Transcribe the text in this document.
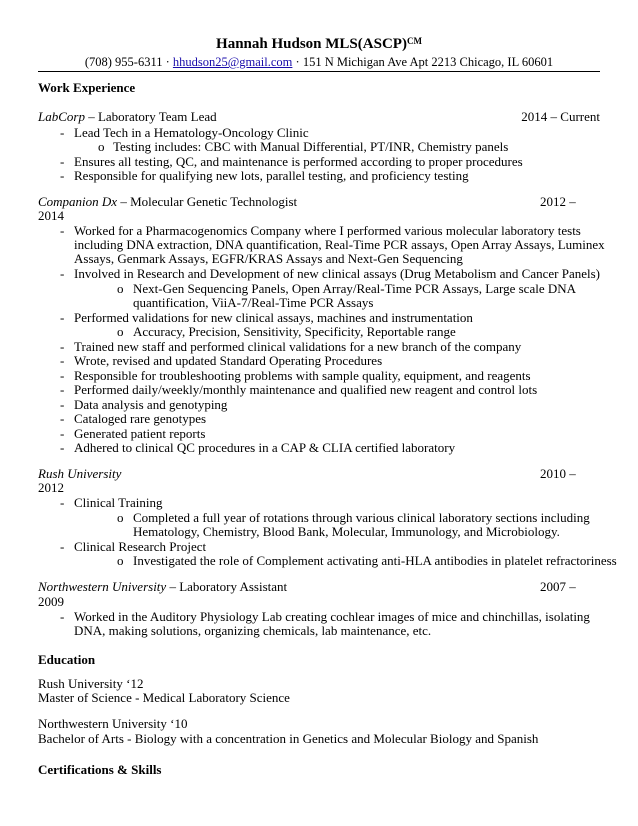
Hannah Hudson MLS(ASCP)$^{CM}$
(708) 955-6311 · hhudson25@gmail.com · 151 N Michigan Ave Apt 2213 Chicago, IL 60601
Work Experience
LabCorp – Laboratory Team Lead	2014 – Current
- Lead Tech in a Hematology-Oncology Clinic
o Testing includes: CBC with Manual Differential, PT/INR, Chemistry panels
- Ensures all testing, QC, and maintenance is performed according to proper procedures
- Responsible for qualifying new lots, parallel testing, and proficiency testing
Companion Dx – Molecular Genetic Technologist	2012 –
2014
- Worked for a Pharmacogenomics Company where I performed various molecular laboratory tests
including DNA extraction, DNA quantification, Real-Time PCR assays, Open Array Assays, Luminex
Assays, Genmark Assays, EGFR/KRAS Assays and Next-Gen Sequencing
- Involved in Research and Development of new clinical assays (Drug Metabolism and Cancer Panels)
o Next-Gen Sequencing Panels, Open Array/Real-Time PCR Assays, Large scale DNA
quantification, ViiA-7/Real-Time PCR Assays
- Performed validations for new clinical assays, machines and instrumentation
o Accuracy, Precision, Sensitivity, Specificity, Reportable range
- Trained new staff and performed clinical validations for a new branch of the company
- Wrote, revised and updated Standard Operating Procedures
- Responsible for troubleshooting problems with sample quality, equipment, and reagents
- Performed daily/weekly/monthly maintenance and qualified new reagent and control lots
- Data analysis and genotyping
- Cataloged rare genotypes
- Generated patient reports
- Adhered to clinical QC procedures in a CAP & CLIA certified laboratory
Rush University	2010 –
2012
- Clinical Training
o Completed a full year of rotations through various clinical laboratory sections including
Hematology, Chemistry, Blood Bank, Molecular, Immunology, and Microbiology.
- Clinical Research Project
o Investigated the role of Complement activating anti-HLA antibodies in platelet refractoriness
Northwestern University – Laboratory Assistant	2007 –
2009
- Worked in the Auditory Physiology Lab creating cochlear images of mice and chinchillas, isolating
DNA, making solutions, organizing chemicals, lab maintenance, etc.
Education
Rush University ‘12
Master of Science - Medical Laboratory Science
Northwestern University ‘10
Bachelor of Arts - Biology with a concentration in Genetics and Molecular Biology and Spanish
Certifications & Skills
